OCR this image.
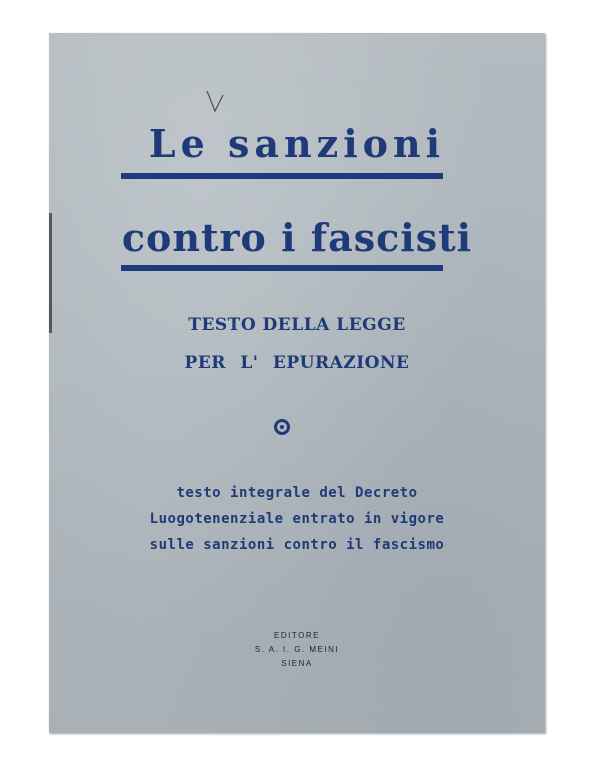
Le sanzioni
contro i fascisti

TESTO DELLA LEGGE

PER L' EPURAZIONE

testo integrale del Decreto

Luogotenenziale entrato in vigore

sulle sanzioni contro il fascismo

EDITORE

S. A. I. G. MEINI

SIENA
